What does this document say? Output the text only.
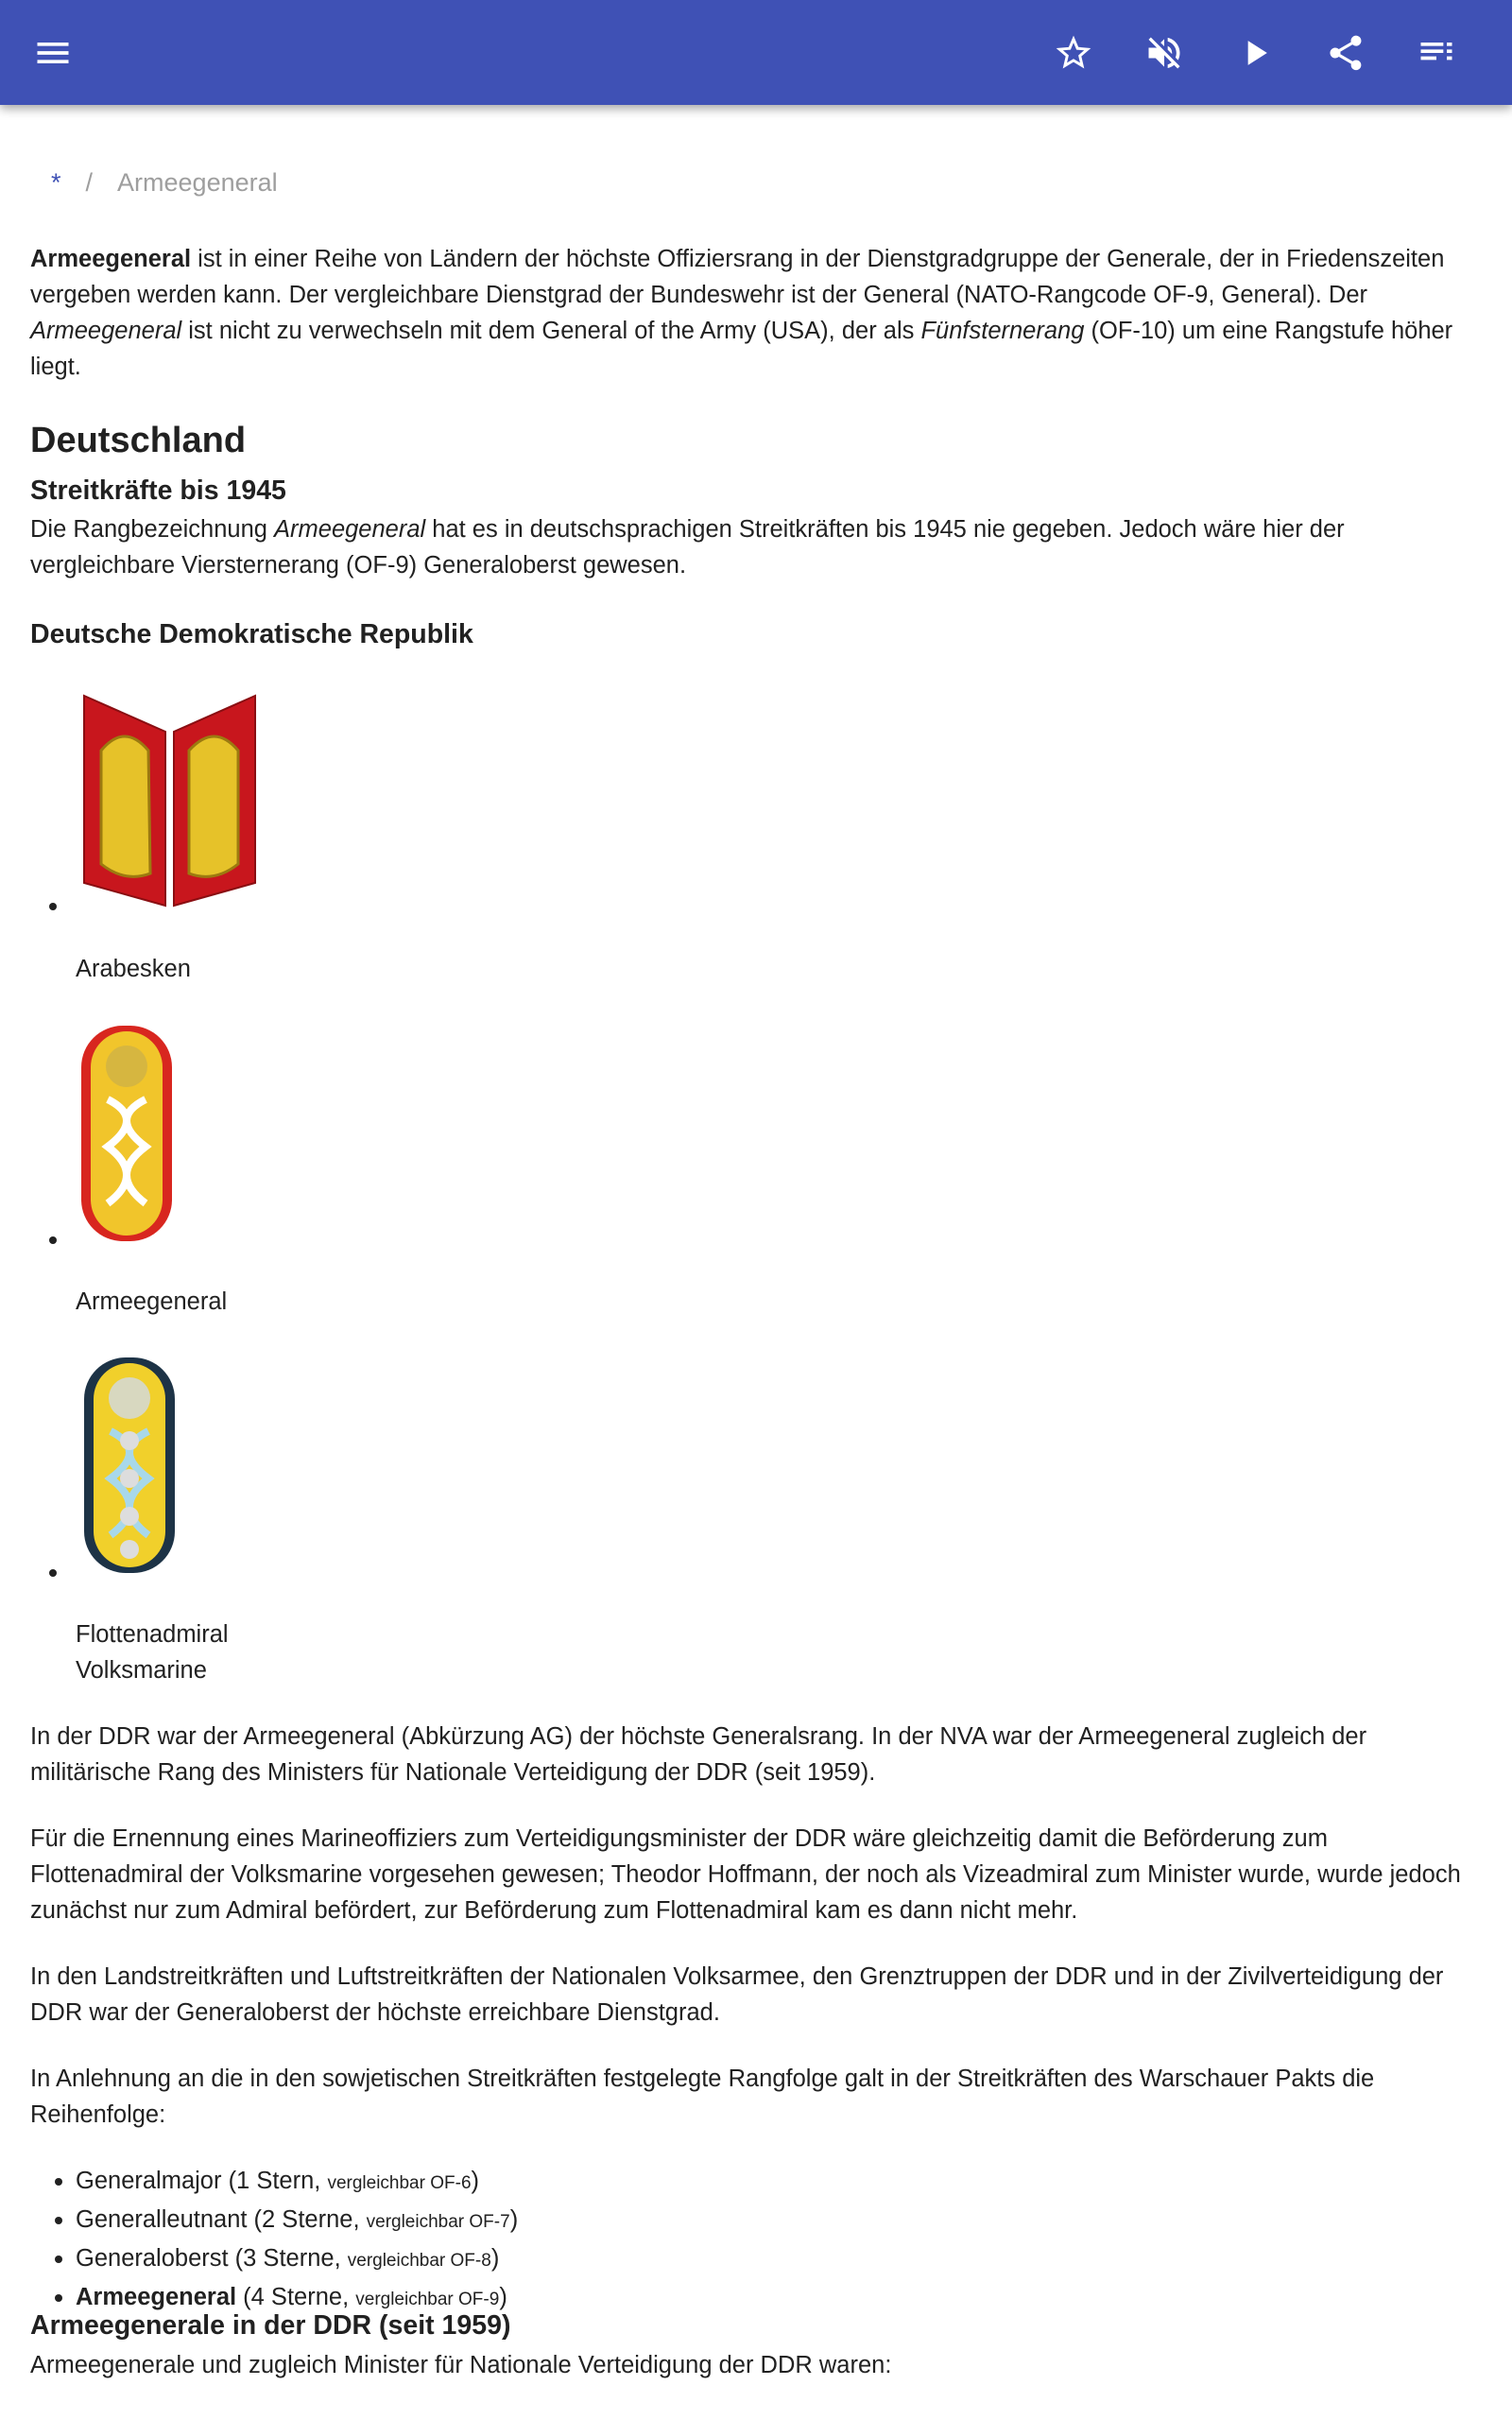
* / Armeegeneral

Armeegeneral ist in einer Reihe von Ländern der höchste Offiziersrang in der Dienstgradgruppe der Generale, der in Friedenszeiten vergeben werden kann. Der vergleichbare Dienstgrad der Bundeswehr ist der General (NATO-Rangcode OF-9, General). Der Armeegeneral ist nicht zu verwechseln mit dem General of the Army (USA), der als Fünfsternerang (OF-10) um eine Rangstufe höher liegt.

Deutschland
Streitkräfte bis 1945

Die Rangbezeichnung Armeegeneral hat es in deutschsprachigen Streitkräften bis 1945 nie gegeben. Jedoch wäre hier der vergleichbare Viersternerang (OF-9) Generaloberst gewesen.

Deutsche Demokratische Republik
Arabesken
Armeegeneral
Flottenadmiral
Volksmarine

In der DDR war der Armeegeneral (Abkürzung AG) der höchste Generalsrang. In der NVA war der Armeegeneral zugleich der militärische Rang des Ministers für Nationale Verteidigung der DDR (seit 1959).

Für die Ernennung eines Marineoffiziers zum Verteidigungsminister der DDR wäre gleichzeitig damit die Beförderung zum Flottenadmiral der Volksmarine vorgesehen gewesen; Theodor Hoffmann, der noch als Vizeadmiral zum Minister wurde, wurde jedoch zunächst nur zum Admiral befördert, zur Beförderung zum Flottenadmiral kam es dann nicht mehr.

In den Landstreitkräften und Luftstreitkräften der Nationalen Volksarmee, den Grenztruppen der DDR und in der Zivilverteidigung der DDR war der Generaloberst der höchste erreichbare Dienstgrad.

In Anlehnung an die in den sowjetischen Streitkräften festgelegte Rangfolge galt in der Streitkräften des Warschauer Pakts die Reihenfolge:

Generalmajor (1 Stern, vergleichbar OF-6)
Generalleutnant (2 Sterne, vergleichbar OF-7)
Generaloberst (3 Sterne, vergleichbar OF-8)
Armeegeneral (4 Sterne, vergleichbar OF-9)
Armeegenerale in der DDR (seit 1959)

Armeegenerale und zugleich Minister für Nationale Verteidigung der DDR waren:
